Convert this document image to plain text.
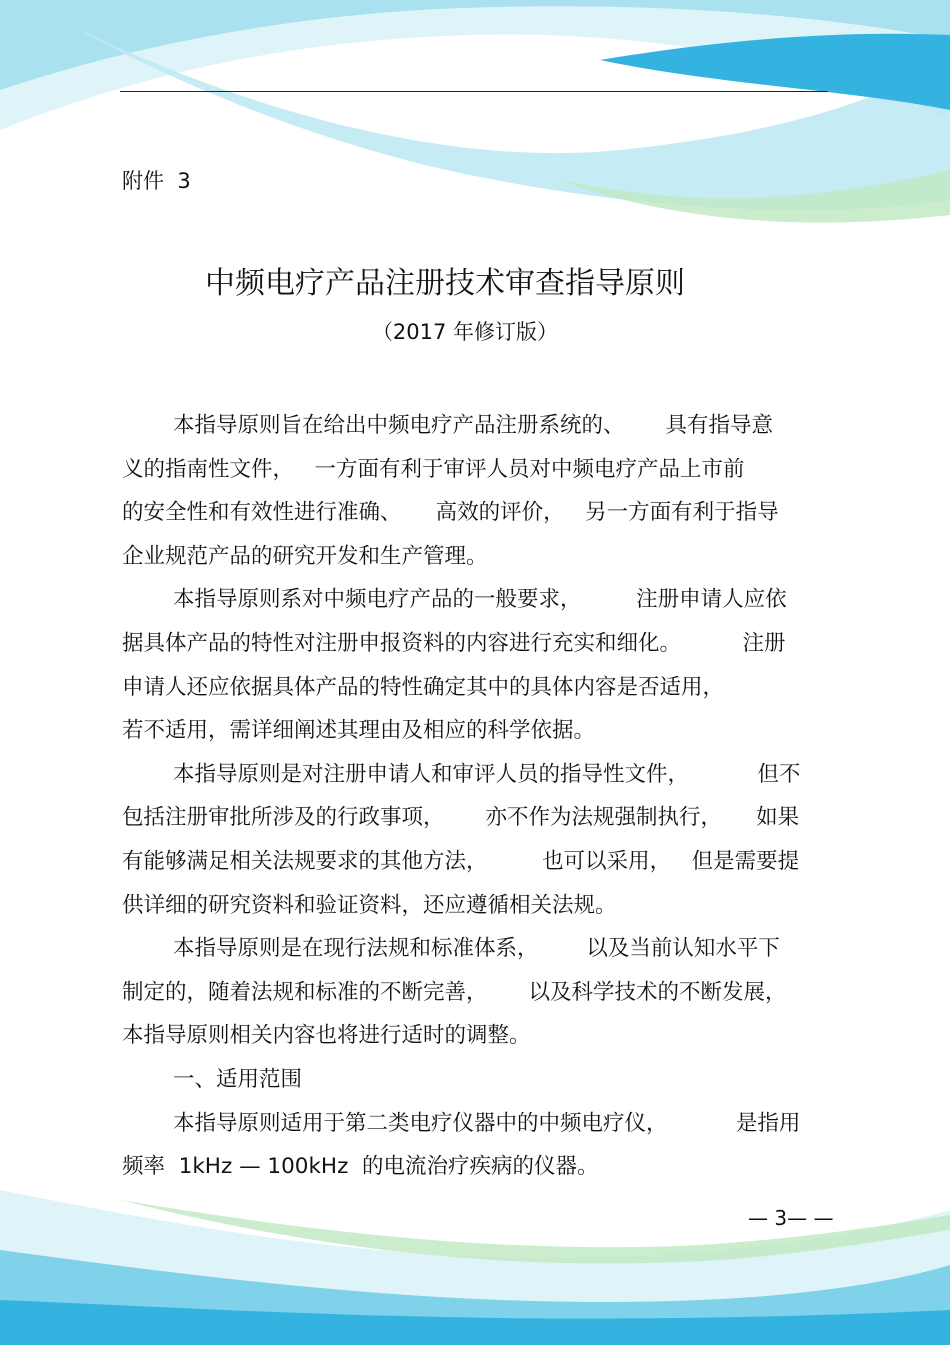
附件  3

中频电疗产品注册技术审查指导原则

（2017 年修订版）

本指导原则旨在给出中频电疗产品注册系统的、      具有指导意

义的指南性文件，   一方面有利于审评人员对中频电疗产品上市前

的安全性和有效性进行准确、     高效的评价，   另一方面有利于指导

企业规范产品的研究开发和生产管理。

本指导原则系对中频电疗产品的一般要求，        注册申请人应依

据具体产品的特性对注册申报资料的内容进行充实和细化。         注册

申请人还应依据具体产品的特性确定其中的具体内容是否适用，

若不适用，需详细阐述其理由及相应的科学依据。

本指导原则是对注册申请人和审评人员的指导性文件，          但不

包括注册审批所涉及的行政事项，      亦不作为法规强制执行，     如果

有能够满足相关法规要求的其他方法，        也可以采用，   但是需要提

供详细的研究资料和验证资料，还应遵循相关法规。

本指导原则是在现行法规和标准体系，       以及当前认知水平下

制定的，随着法规和标准的不断完善，      以及科学技术的不断发展，

本指导原则相关内容也将进行适时的调整。

一、适用范围

本指导原则适用于第二类电疗仪器中的中频电疗仪，          是指用

频率  1kHz — 100kHz  的电流治疗疾病的仪器。

— 3— —
